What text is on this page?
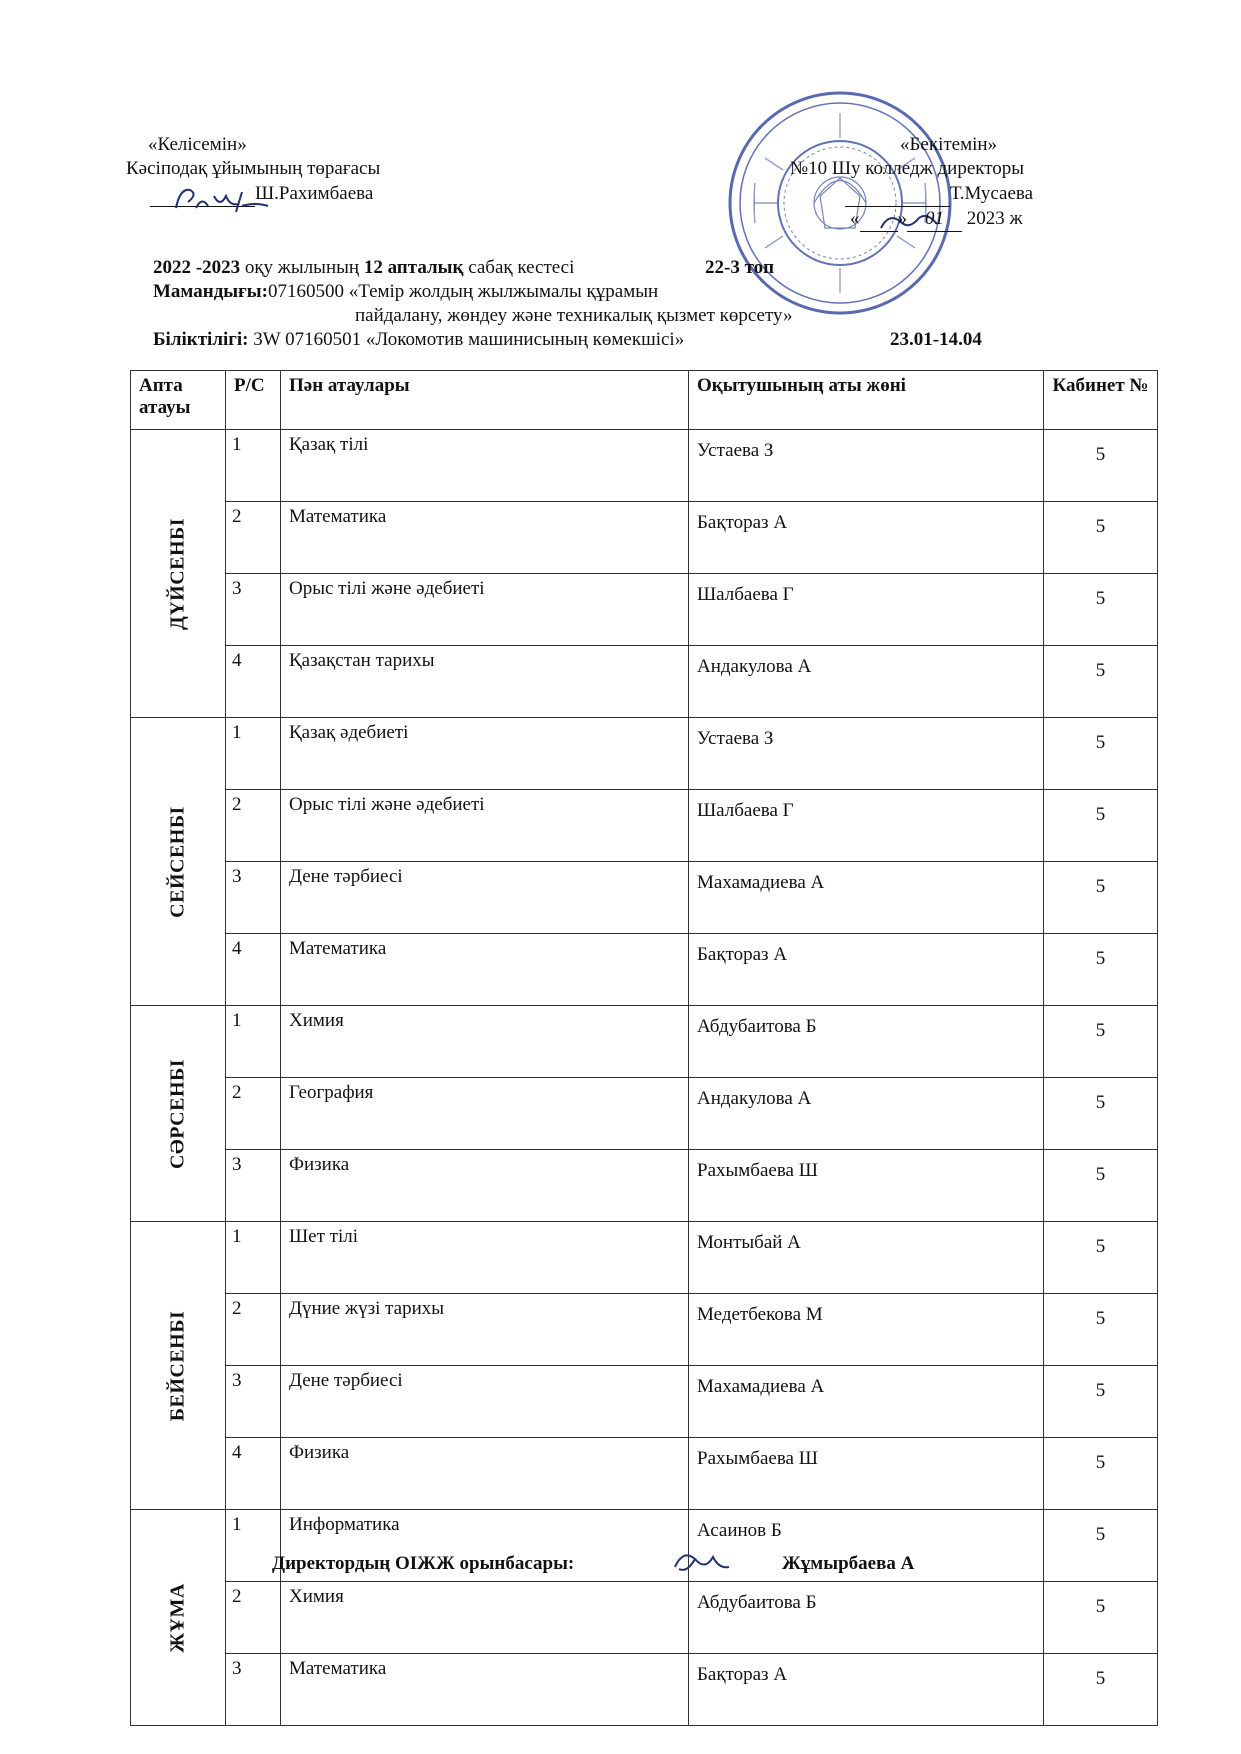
«Келісемін»
Кәсіподақ ұйымының төрағасы
Ш.Рахимбаева
«Бекітемін»
№10 Шу колледж директоры
Т.Мусаева
« » 01 2023 ж
2022 -2023 оқу жылының 12 апталық сабақ кестесі	22-3 топ
Мамандығы:07160500 «Темір жолдың жылжымалы құрамын
пайдалану, жөндеу және техникалық қызмет көрсету»
Біліктілігі: 3W 07160501 «Локомотив машинисының көмекшісі»	23.01-14.04
Апта атауы	Р/С	Пән атаулары	Оқытушының аты жөні	Кабинет №

ДҮЙСЕНБІ	1	Қазақ тілі	Устаева З	5
	2	Математика	Бақтораз А	5
	3	Орыс тілі және әдебиеті	Шалбаева Г	5
	4	Қазақстан тарихы	Андакулова А	5

СЕЙСЕНБІ	1	Қазақ әдебиеті	Устаева З	5
	2	Орыс тілі және әдебиеті	Шалбаева Г	5
	3	Дене тәрбиесі	Махамадиева А	5
	4	Математика	Бақтораз А	5

СӘРСЕНБІ	1	Химия	Абдубаитова Б	5
	2	География	Андакулова А	5
	3	Физика	Рахымбаева Ш	5

БЕЙСЕНБІ	1	Шет тілі	Монтыбай А	5
	2	Дүние жүзі тарихы	Медетбекова М	5
	3	Дене тәрбиесі	Махамадиева А	5
	4	Физика	Рахымбаева Ш	5

ЖҰМА	1	Информатика	Асаинов Б	5
	2	Химия	Абдубаитова Б	5
	3	Математика	Бақтораз А	5
Директордың ОІЖЖ орынбасары:	Жұмырбаева А
